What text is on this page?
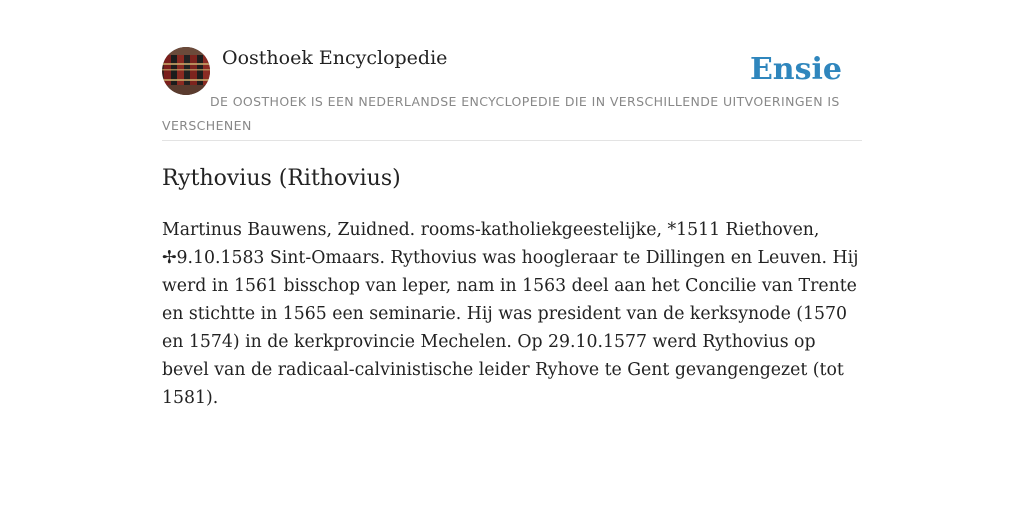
Oosthoek Encyclopedie	Ensie
DE OOSTHOEK IS EEN NEDERLANDSE ENCYCLOPEDIE DIE IN VERSCHILLENDE UITVOERINGEN IS VERSCHENEN
Rythovius (Rithovius)

Martinus Bauwens, Zuidned. rooms-katholiekgeestelijke, *1511 Riethoven, ✢9.10.1583 Sint-Omaars. Rythovius was hoogleraar te Dillingen en Leuven. Hij werd in 1561 bisschop van leper, nam in 1563 deel aan het Concilie van Trente en stichtte in 1565 een seminarie. Hij was president van de kerksynode (1570 en 1574) in de kerkprovincie Mechelen. Op 29.10.1577 werd Rythovius op bevel van de radicaal-calvinistische leider Ryhove te Gent gevangengezet (tot 1581).
